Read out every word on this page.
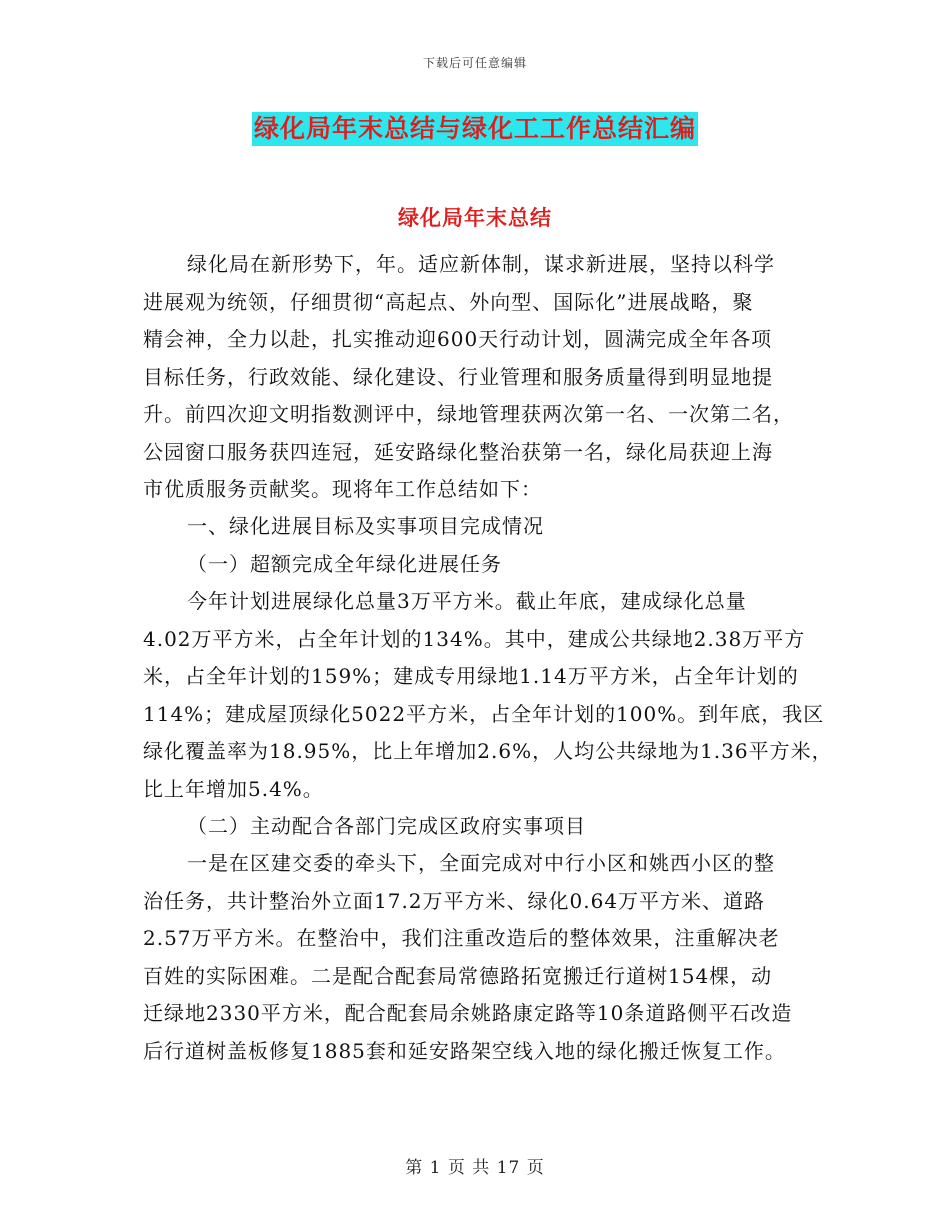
下载后可任意编辑
绿化局年末总结与绿化工工作总结汇编
绿化局年末总结
绿化局在新形势下，年。适应新体制，谋求新进展，坚持以科学
进展观为统领，仔细贯彻“高起点、外向型、国际化”进展战略，聚
精会神，全力以赴，扎实推动迎600天行动计划，圆满完成全年各项
目标任务，行政效能、绿化建设、行业管理和服务质量得到明显地提
升。前四次迎文明指数测评中，绿地管理获两次第一名、一次第二名，
公园窗口服务获四连冠，延安路绿化整治获第一名，绿化局获迎上海
市优质服务贡献奖。现将年工作总结如下：
一、绿化进展目标及实事项目完成情况
（一）超额完成全年绿化进展任务
今年计划进展绿化总量3万平方米。截止年底，建成绿化总量
4.02万平方米，占全年计划的134%。其中，建成公共绿地2.38万平方
米，占全年计划的159%；建成专用绿地1.14万平方米，占全年计划的
114%；建成屋顶绿化5022平方米，占全年计划的100%。到年底，我区
绿化覆盖率为18.95%，比上年增加2.6%，人均公共绿地为1.36平方米，
比上年增加5.4%。
（二）主动配合各部门完成区政府实事项目
一是在区建交委的牵头下，全面完成对中行小区和姚西小区的整
治任务，共计整治外立面17.2万平方米、绿化0.64万平方米、道路
2.57万平方米。在整治中，我们注重改造后的整体效果，注重解决老
百姓的实际困难。二是配合配套局常德路拓宽搬迁行道树154棵，动
迁绿地2330平方米，配合配套局余姚路康定路等10条道路侧平石改造
后行道树盖板修复1885套和延安路架空线入地的绿化搬迁恢复工作。
第 1 页 共 17 页
